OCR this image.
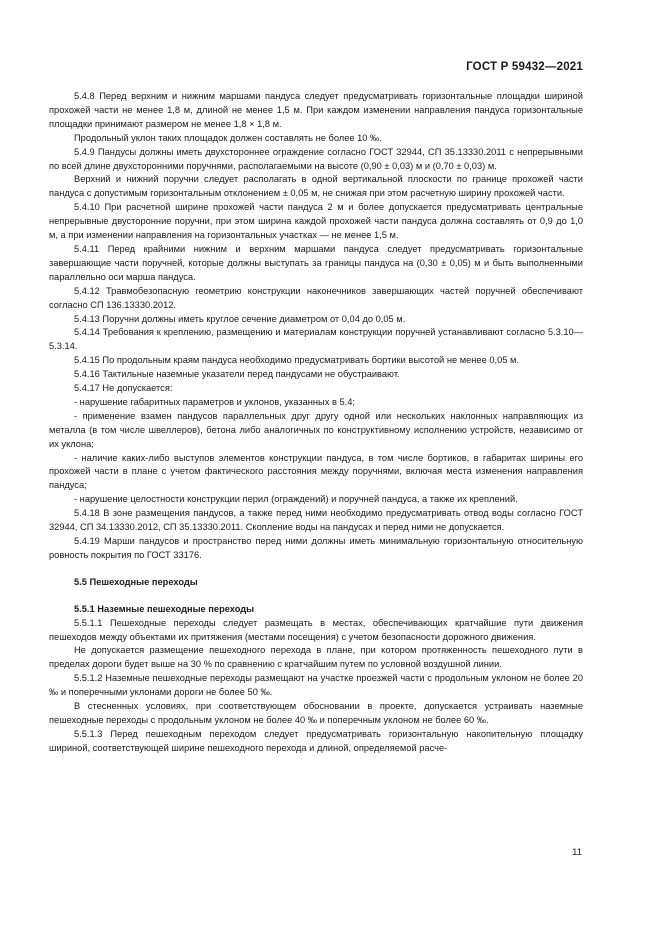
ГОСТ Р 59432—2021

5.4.8 Перед верхним и нижним маршами пандуса следует предусматривать горизонтальные площадки шириной прохожей части не менее 1,8 м, длиной не менее 1,5 м. При каждом изменении направления пандуса горизонтальные площадки принимают размером не менее 1,8 × 1,8 м.

Продольный уклон таких площадок должен составлять не более 10 ‰.

5.4.9 Пандусы должны иметь двухстороннее ограждение согласно ГОСТ 32944, СП 35.13330.2011 с непрерывными по всей длине двухсторонними поручнями, располагаемыми на высоте (0,90 ± 0,03) м и (0,70 ± 0,03) м.

Верхний и нижний поручни следует располагать в одной вертикальной плоскости по границе прохожей части пандуса с допустимым горизонтальным отклонением ± 0,05 м, не снижая при этом расчетную ширину прохожей части.

5.4.10 При расчетной ширине прохожей части пандуса 2 м и более допускается предусматривать центральные непрерывные двусторонние поручни, при этом ширина каждой прохожей части пандуса должна составлять от 0,9 до 1,0 м, а при изменении направления на горизонтальных участках — не менее 1,5 м.

5.4.11 Перед крайними нижним и верхним маршами пандуса следует предусматривать горизонтальные завершающие части поручней, которые должны выступать за границы пандуса на (0,30 ± 0,05) м и быть выполненными параллельно оси марша пандуса.

5.4.12 Травмобезопасную геометрию конструкции наконечников завершающих частей поручней обеспечивают согласно СП 136.13330.2012.

5.4.13 Поручни должны иметь круглое сечение диаметром от 0,04 до 0,05 м.

5.4.14 Требования к креплению, размещению и материалам конструкции поручней устанавливают согласно 5.3.10—5.3.14.

5.4.15 По продольным краям пандуса необходимо предусматривать бортики высотой не менее 0,05 м.

5.4.16 Тактильные наземные указатели перед пандусами не обустраивают.

5.4.17 Не допускается:

- нарушение габаритных параметров и уклонов, указанных в 5.4;

- применение взамен пандусов параллельных друг другу одной или нескольких наклонных направляющих из металла (в том числе швеллеров), бетона либо аналогичных по конструктивному исполнению устройств, независимо от их уклона;

- наличие каких-либо выступов элементов конструкции пандуса, в том числе бортиков, в габаритах ширины его прохожей части в плане с учетом фактического расстояния между поручнями, включая места изменения направления пандуса;

- нарушение целостности конструкции перил (ограждений) и поручней пандуса, а также их креплений.

5.4.18 В зоне размещения пандусов, а также перед ними необходимо предусматривать отвод воды согласно ГОСТ 32944, СП 34.13330.2012, СП 35.13330.2011. Скопление воды на пандусах и перед ними не допускается.

5.4.19 Марши пандусов и пространство перед ними должны иметь минимальную горизонтальную относительную ровность покрытия по ГОСТ 33176.

5.5 Пешеходные переходы

5.5.1 Наземные пешеходные переходы

5.5.1.1 Пешеходные переходы следует размещать в местах, обеспечивающих кратчайшие пути движения пешеходов между объектами их притяжения (местами посещения) с учетом безопасности дорожного движения.

Не допускается размещение пешеходного перехода в плане, при котором протяженность пешеходного пути в пределах дороги будет выше на 30 % по сравнению с кратчайшим путем по условной воздушной линии.

5.5.1.2 Наземные пешеходные переходы размещают на участке проезжей части с продольным уклоном не более 20 ‰ и поперечными уклонами дороги не более 50 ‰.

В стесненных условиях, при соответствующем обосновании в проекте, допускается устраивать наземные пешеходные переходы с продольным уклоном не более 40 ‰ и поперечным уклоном не более 60 ‰.

5.5.1.3 Перед пешеходным переходом следует предусматривать горизонтальную накопительную площадку шириной, соответствующей ширине пешеходного перехода и длиной, определяемой расче-

11
